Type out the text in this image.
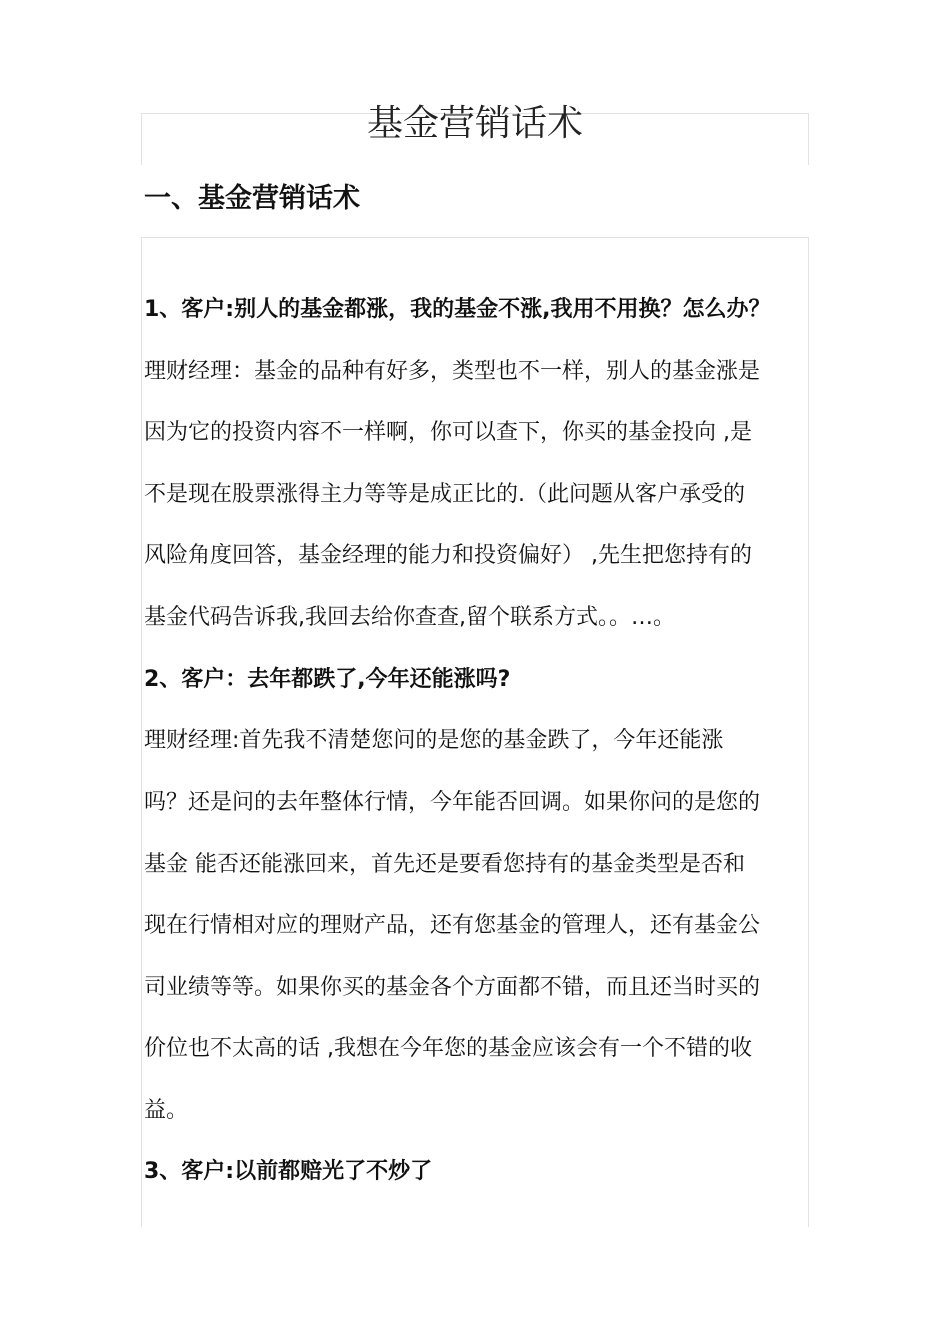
基金营销话术
一、基金营销话术

1、客户:别人的基金都涨，我的基金不涨,我用不用换？怎么办？

理财经理：基金的品种有好多，类型也不一样，别人的基金涨是

因为它的投资内容不一样啊，你可以查下，你买的基金投向 ,是

不是现在股票涨得主力等等是成正比的.（此问题从客户承受的

风险角度回答，基金经理的能力和投资偏好） ,先生把您持有的

基金代码告诉我,我回去给你查查,留个联系方式。。…。

2、客户：去年都跌了,今年还能涨吗?

理财经理:首先我不清楚您问的是您的基金跌了，今年还能涨

吗？还是问的去年整体行情，今年能否回调。如果你问的是您的

基金 能否还能涨回来，首先还是要看您持有的基金类型是否和

现在行情相对应的理财产品，还有您基金的管理人，还有基金公

司业绩等等。如果你买的基金各个方面都不错，而且还当时买的

价位也不太高的话 ,我想在今年您的基金应该会有一个不错的收

益。

3、客户:以前都赔光了不炒了
